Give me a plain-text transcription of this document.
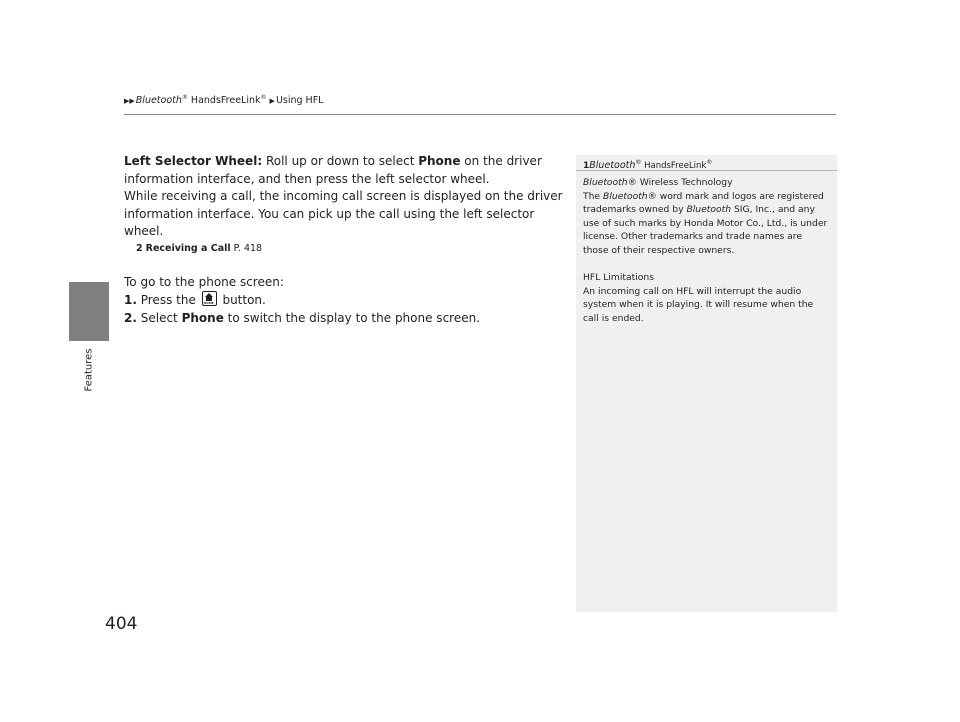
▶▶Bluetooth® HandsFreeLink® ▶Using HFL
Features
404

Left Selector Wheel: Roll up or down to select Phone on the driver information interface, and then press the left selector wheel.

While receiving a call, the incoming call screen is displayed on the driver information interface. You can pick up the call using the left selector wheel.

2 Receiving a Call P. 418

To go to the phone screen:

1. Press the HOME button.

2. Select Phone to switch the display to the phone screen.

1Bluetooth® HandsFreeLink®

Bluetooth® Wireless Technology

The Bluetooth® word mark and logos are registered trademarks owned by Bluetooth SIG, Inc., and any use of such marks by Honda Motor Co., Ltd., is under license. Other trademarks and trade names are those of their respective owners.

HFL Limitations

An incoming call on HFL will interrupt the audio system when it is playing. It will resume when the call is ended.
